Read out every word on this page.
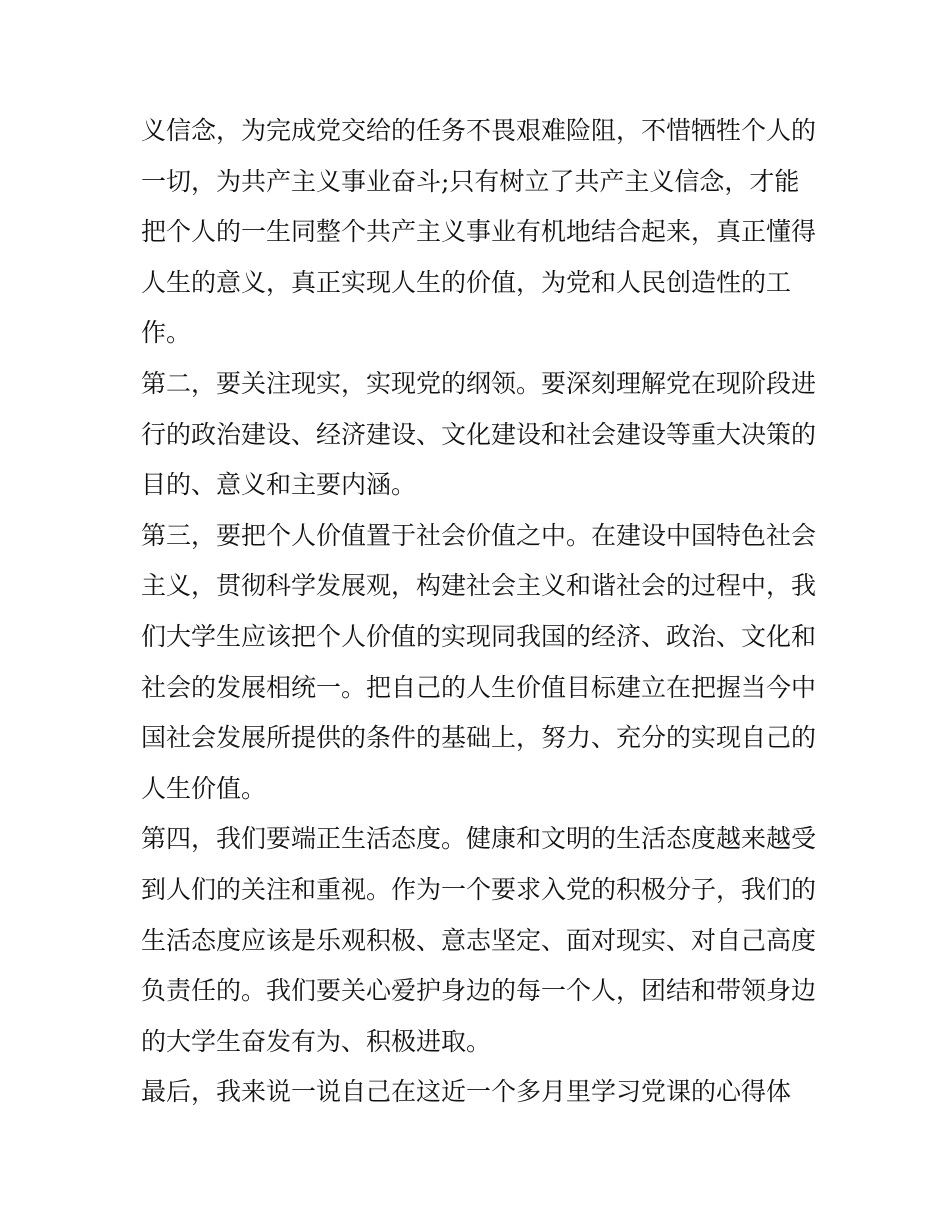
义信念，为完成党交给的任务不畏艰难险阻，不惜牺牲个人的
一切，为共产主义事业奋斗;只有树立了共产主义信念，才能
把个人的一生同整个共产主义事业有机地结合起来，真正懂得
人生的意义，真正实现人生的价值，为党和人民创造性的工
作。
第二，要关注现实，实现党的纲领。要深刻理解党在现阶段进
行的政治建设、经济建设、文化建设和社会建设等重大决策的
目的、意义和主要内涵。
第三，要把个人价值置于社会价值之中。在建设中国特色社会
主义，贯彻科学发展观，构建社会主义和谐社会的过程中，我
们大学生应该把个人价值的实现同我国的经济、政治、文化和
社会的发展相统一。把自己的人生价值目标建立在把握当今中
国社会发展所提供的条件的基础上，努力、充分的实现自己的
人生价值。
第四，我们要端正生活态度。健康和文明的生活态度越来越受
到人们的关注和重视。作为一个要求入党的积极分子，我们的
生活态度应该是乐观积极、意志坚定、面对现实、对自己高度
负责任的。我们要关心爱护身边的每一个人，团结和带领身边
的大学生奋发有为、积极进取。
最后，我来说一说自己在这近一个多月里学习党课的心得体
